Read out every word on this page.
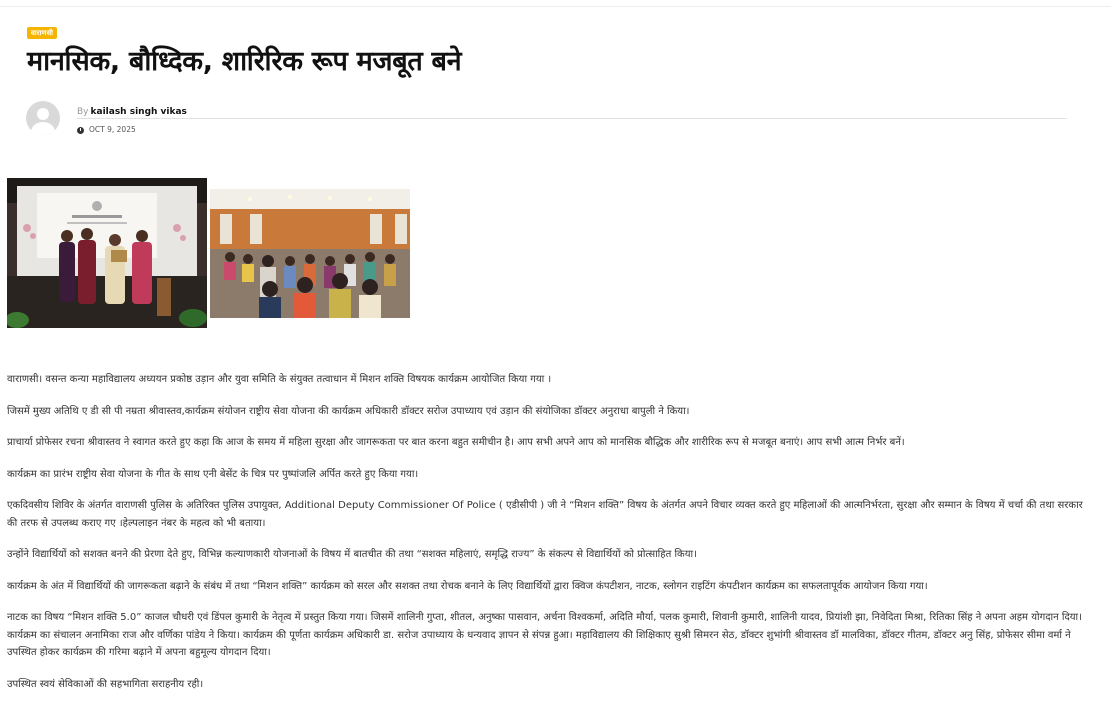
वाराणसी
मानसिक, बौध्दिक, शारिरिक रूप मजबूत बने
By kailash singh vikas
OCT 9, 2025

वाराणसी। वसन्त कन्या महाविद्यालय अध्ययन प्रकोष्ठ उड़ान और युवा समिति के संयुक्त तत्वाधान में मिशन शक्ति विषयक कार्यक्रम आयोजित किया गया ।

जिसमें मुख्य अतिथि ए डी सी पी नम्रता श्रीवास्तव,कार्यक्रम संयोजन राष्ट्रीय सेवा योजना की कार्यक्रम अधिकारी डॉक्टर सरोज उपाध्याय एवं उड़ान की संयोजिका डॉक्टर अनुराधा बापुली ने किया।

प्राचार्या प्रोफेसर रचना श्रीवास्तव ने स्वागत करते हुए कहा कि आज के समय में महिला सुरक्षा और जागरूकता पर बात करना बहुत समीचीन है। आप सभी अपने आप को मानसिक बौद्धिक और शारीरिक रूप से मजबूत बनाएं। आप सभी आत्म निर्भर बनें।

कार्यक्रम का प्रारंभ राष्ट्रीय सेवा योजना के गीत के साथ एनी बेसेंट के चित्र पर पुष्पांजलि अर्पित करते हुए किया गया।

एकदिवसीय शिविर के अंतर्गत वाराणसी पुलिस के अतिरिक्त पुलिस उपायुक्त, Additional Deputy Commissioner Of Police ( एडीसीपी ) जी ने “मिशन शक्ति” विषय के अंतर्गत अपने विचार व्यक्त करते हुए महिलाओं की आत्मनिर्भरता, सुरक्षा और सम्मान के विषय में चर्चा की तथा सरकार की तरफ से उपलब्ध कराए गए ।हेल्पलाइन नंबर के महत्व को भी बताया।

उन्होंने विद्यार्थियों को सशक्त बनने की प्रेरणा देते हुए, विभिन्न कल्याणकारी योजनाओं के विषय में बातचीत की तथा “सशक्त महिलाएं, समृद्धि राज्य” के संकल्प से विद्यार्थियों को प्रोत्साहित किया।

कार्यक्रम के अंत में विद्यार्थियों की जागरूकता बढ़ाने के संबंध में तथा “मिशन शक्ति” कार्यक्रम को सरल और सशक्त तथा रोचक बनाने के लिए विद्यार्थियों द्वारा क्विज कंपटीशन, नाटक, स्लोगन राइटिंग कंपटीशन कार्यक्रम का सफलतापूर्वक आयोजन किया गया।

नाटक का विषय “मिशन शक्ति 5.0” काजल चौधरी एवं डिंपल कुमारी के नेतृत्व में प्रस्तुत किया गया। जिसमें शालिनी गुप्ता, शीतल, अनुष्का पासवान, अर्चना विश्वकर्मा, अदिति मौर्या, पलक कुमारी, शिवानी कुमारी, शालिनी यादव, प्रियांशी झा, निवेदिता मिश्रा, रितिका सिंह ने अपना अहम योगदान दिया।कार्यक्रम का संचालन अनामिका राज और वर्णिका पांडेय ने किया। कार्यक्रम की पूर्णता कार्यक्रम अधिकारी डा. सरोज उपाध्याय के धन्यवाद ज्ञापन से संपन्न हुआ। महाविद्यालय की शिक्षिकाए सुश्री सिमरन सेठ, डॉक्टर शुभांगी श्रीवास्तव डॉ मालविका, डॉक्टर गीतम, डॉक्टर अनु सिंह, प्रोफेसर सीमा वर्मा ने उपस्थित होकर कार्यक्रम की गरिमा बढ़ाने में अपना बहुमूल्य योगदान दिया।

उपस्थित स्वयं सेविकाओं की सहभागिता सराहनीय रही।
